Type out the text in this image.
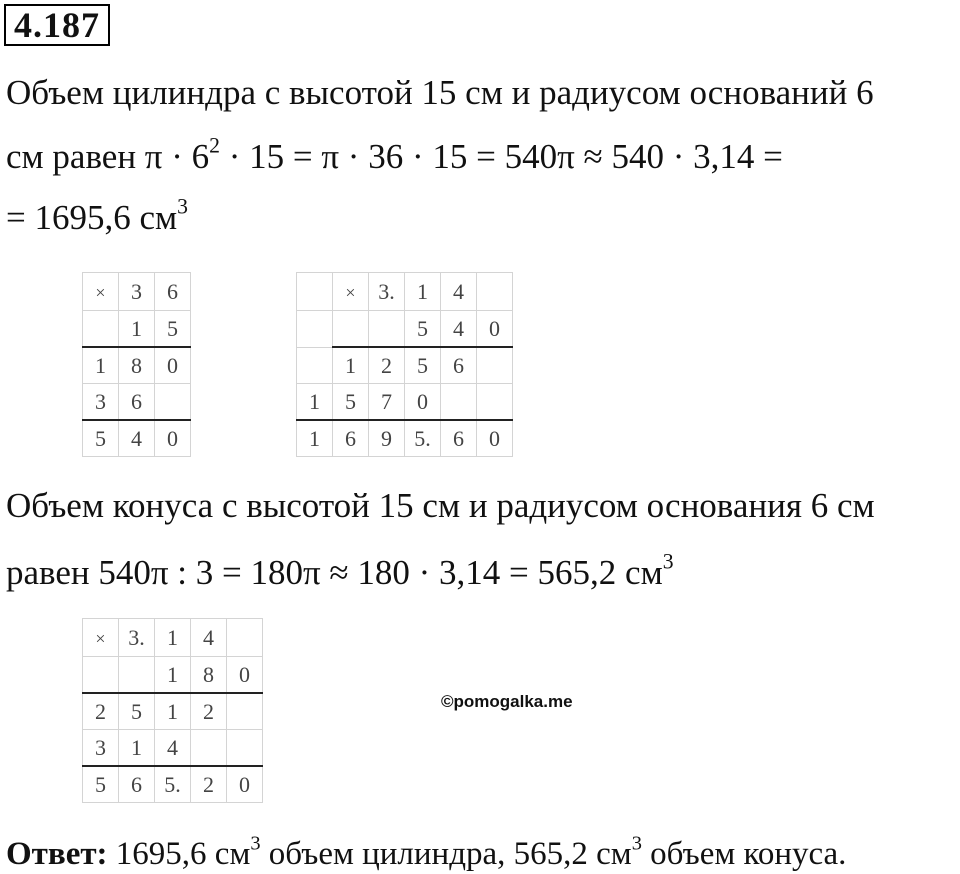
4.187
Объем цилиндра с высотой 15 см и радиусом оснований 6
см равен $\pi \cdot 6^2 \cdot 15 = \pi \cdot 36 \cdot 15 = 540\pi \approx 540 \cdot 3,14$ =
= 1695,6 $см^3$
×	3	6
	1	5
1	8	0
3	6	
5	4	0
	×	3.	1	4	
			5	4	0
	1	2	5	6	
1	5	7	0		
1	6	9	5.	6	0
Объем конуса с высотой 15 см и радиусом основания 6 см
равен 540π : 3 = 180π ≈ 180 · 3,14 = 565,2 $см^3$
×	3.	1	4	
		1	8	0
2	5	1	2	
3	1	4		
5	6	5.	2	0
©pomogalka.me
Ответ: 1695,6 $см^3$ объем цилиндра, 565,2 $см^3$ объем конуса.
